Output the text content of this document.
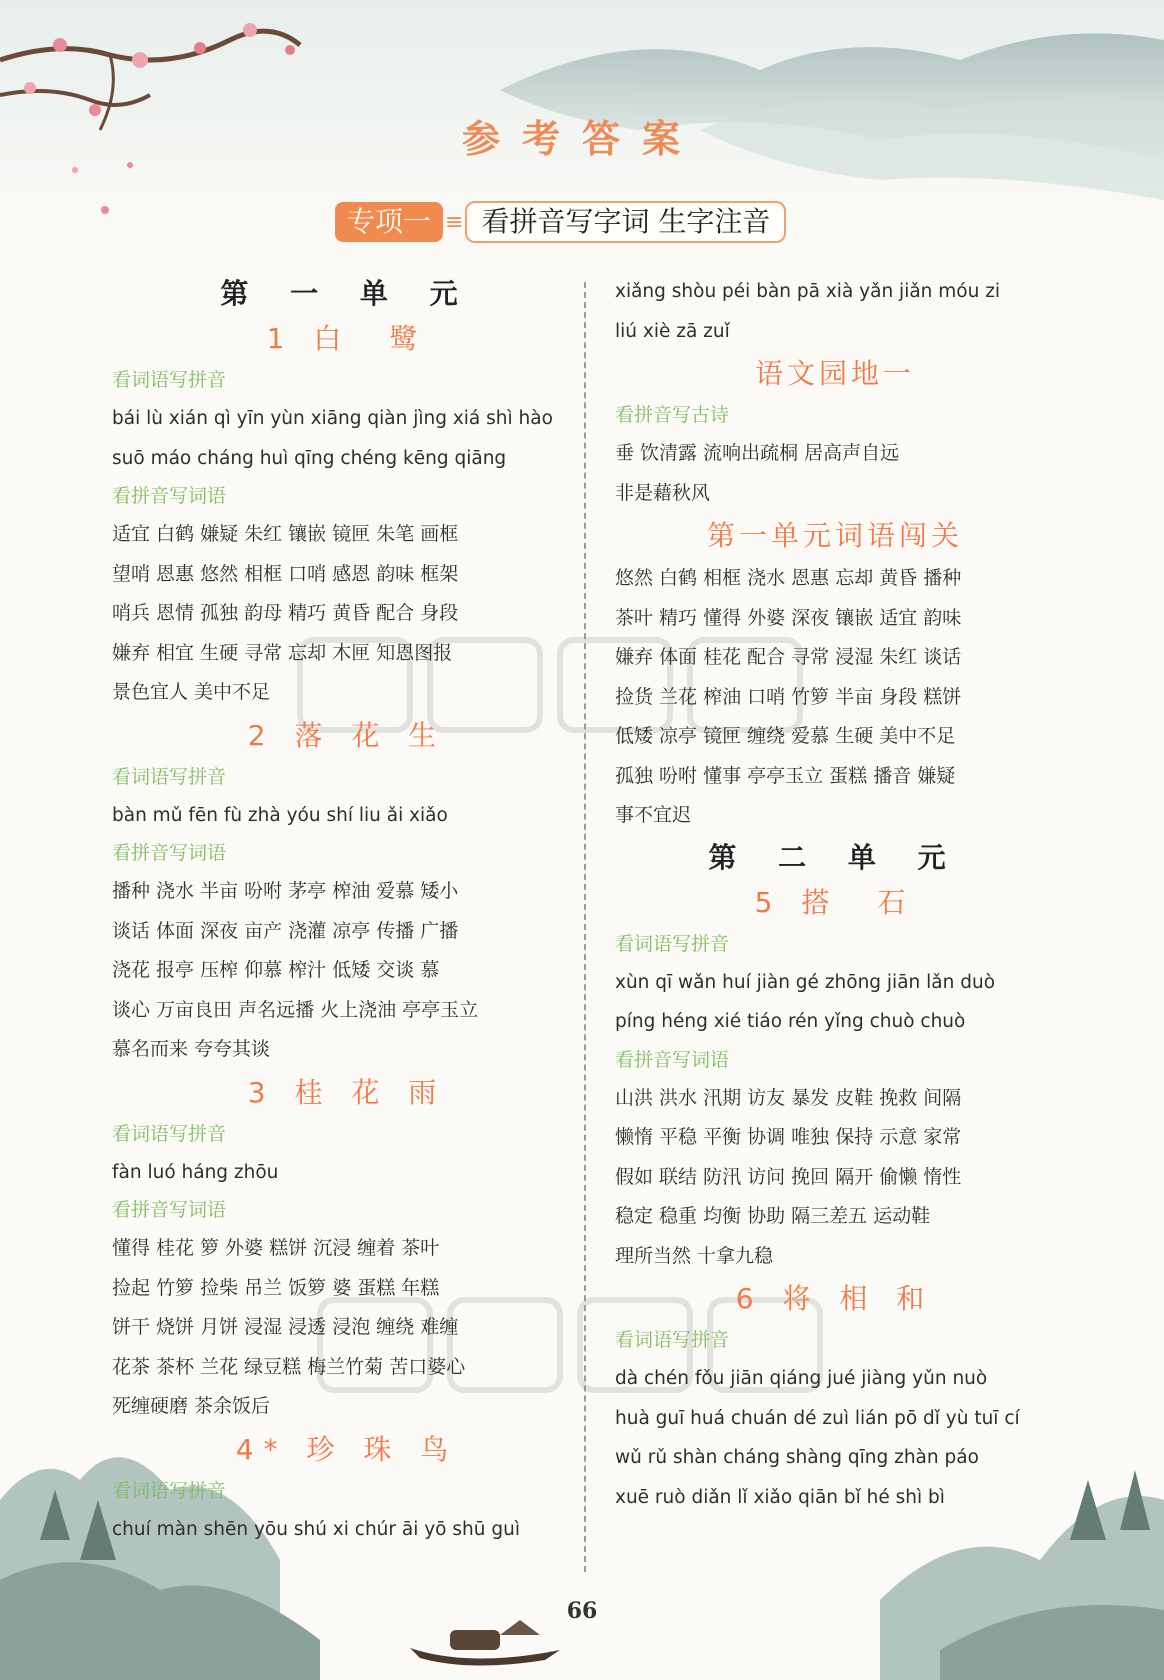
参考答案
专项一 ≡ 看拼音写字词 生字注音
第 一 单 元
1 白　鹭
看词语写拼音
bái lù xián qì yīn yùn xiāng qiàn jìng xiá shì hào
suō máo cháng huì qīng chéng kēng qiāng
看拼音写词语
适宜 白鹤 嫌疑 朱红 镶嵌 镜匣 朱笔 画框
望哨 恩惠 悠然 相框 口哨 感恩 韵味 框架
哨兵 恩情 孤独 韵母 精巧 黄昏 配合 身段
嫌弃 相宜 生硬 寻常 忘却 木匣 知恩图报
景色宜人 美中不足
2 落 花 生
看词语写拼音
bàn mǔ fēn fù zhà yóu shí liu ǎi xiǎo
看拼音写词语
播种 浇水 半亩 吩咐 茅亭 榨油 爱慕 矮小
谈话 体面 深夜 亩产 浇灌 凉亭 传播 广播
浇花 报亭 压榨 仰慕 榨汁 低矮 交谈 慕
谈心 万亩良田 声名远播 火上浇油 亭亭玉立
慕名而来 夸夸其谈
3 桂 花 雨
看词语写拼音
fàn luó háng zhōu
看拼音写词语
懂得 桂花 箩 外婆 糕饼 沉浸 缠着 茶叶
捡起 竹箩 捡柴 吊兰 饭箩 婆 蛋糕 年糕
饼干 烧饼 月饼 浸湿 浸透 浸泡 缠绕 难缠
花茶 茶杯 兰花 绿豆糕 梅兰竹菊 苦口婆心
死缠硬磨 茶余饭后
4* 珍 珠 鸟
看词语写拼音
chuí màn shēn yōu shú xi chúr āi yō shū guì
xiǎng shòu péi bàn pā xià yǎn jiǎn móu zi
liú xiè zā zuǐ
语文园地一
看拼音写古诗
垂 饮清露 流响出疏桐 居高声自远
非是藉秋风
第一单元词语闯关
悠然 白鹤 相框 浇水 恩惠 忘却 黄昏 播种
茶叶 精巧 懂得 外婆 深夜 镶嵌 适宜 韵味
嫌弃 体面 桂花 配合 寻常 浸湿 朱红 谈话
捡货 兰花 榨油 口哨 竹箩 半亩 身段 糕饼
低矮 凉亭 镜匣 缠绕 爱慕 生硬 美中不足
孤独 吩咐 懂事 亭亭玉立 蛋糕 播音 嫌疑
事不宜迟
第 二 单 元
5 搭　石
看词语写拼音
xùn qī wǎn huí jiàn gé zhōng jiān lǎn duò
píng héng xié tiáo rén yǐng chuò chuò
看拼音写词语
山洪 洪水 汛期 访友 暴发 皮鞋 挽救 间隔
懒惰 平稳 平衡 协调 唯独 保持 示意 家常
假如 联结 防汛 访问 挽回 隔开 偷懒 惰性
稳定 稳重 均衡 协助 隔三差五 运动鞋
理所当然 十拿九稳
6 将 相 和
看词语写拼音
dà chén fǒu jiān qiáng jué jiàng yǔn nuò
huà guī huá chuán dé zuì lián pō dǐ yù tuī cí
wǔ rǔ shàn cháng shàng qīng zhàn páo
xuē ruò diǎn lǐ xiǎo qiān bǐ hé shì bì
66
